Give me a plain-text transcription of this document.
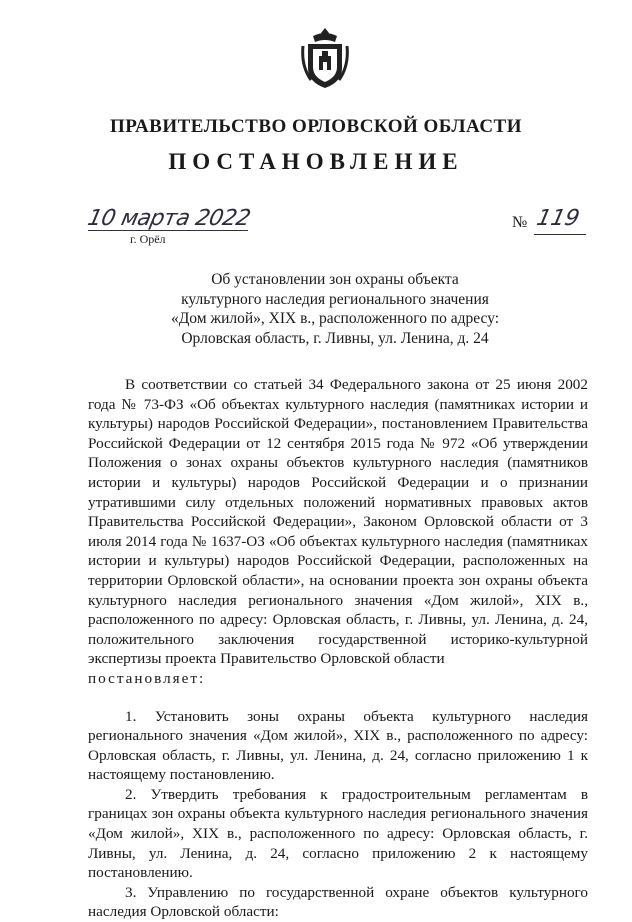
ПРАВИТЕЛЬСТВО ОРЛОВСКОЙ ОБЛАСТИ
ПОСТАНОВЛЕНИЕ
10 марта 2022
г. Орёл
№ 119
Об установлении зон охраны объекта
культурного наследия регионального значения
«Дом жилой», XIX в., расположенного по адресу:
Орловская область, г. Ливны, ул. Ленина, д. 24

В соответствии со статьей 34 Федерального закона от 25 июня 2002 года № 73-ФЗ «Об объектах культурного наследия (памятниках истории и культуры) народов Российской Федерации», постановлением Правительства Российской Федерации от 12 сентября 2015 года № 972 «Об утверждении Положения о зонах охраны объектов культурного наследия (памятников истории и культуры) народов Российской Федерации и о признании утратившими силу отдельных положений нормативных правовых актов Правительства Российской Федерации», Законом Орловской области от 3 июля 2014 года № 1637-ОЗ «Об объектах культурного наследия (памятниках истории и культуры) народов Российской Федерации, расположенных на территории Орловской области», на основании проекта зон охраны объекта культурного наследия регионального значения «Дом жилой», XIX в., расположенного по адресу: Орловская область, г. Ливны, ул. Ленина, д. 24, положительного заключения государственной историко-культурной экспертизы проекта Правительство Орловской области

постановляет:

1. Установить зоны охраны объекта культурного наследия регионального значения «Дом жилой», XIX в., расположенного по адресу: Орловская область, г. Ливны, ул. Ленина, д. 24, согласно приложению 1 к настоящему постановлению.

2. Утвердить требования к градостроительным регламентам в границах зон охраны объекта культурного наследия регионального значения «Дом жилой», XIX в., расположенного по адресу: Орловская область, г. Ливны, ул. Ленина, д. 24, согласно приложению 2 к настоящему постановлению.

3. Управлению по государственной охране объектов культурного наследия Орловской области:
